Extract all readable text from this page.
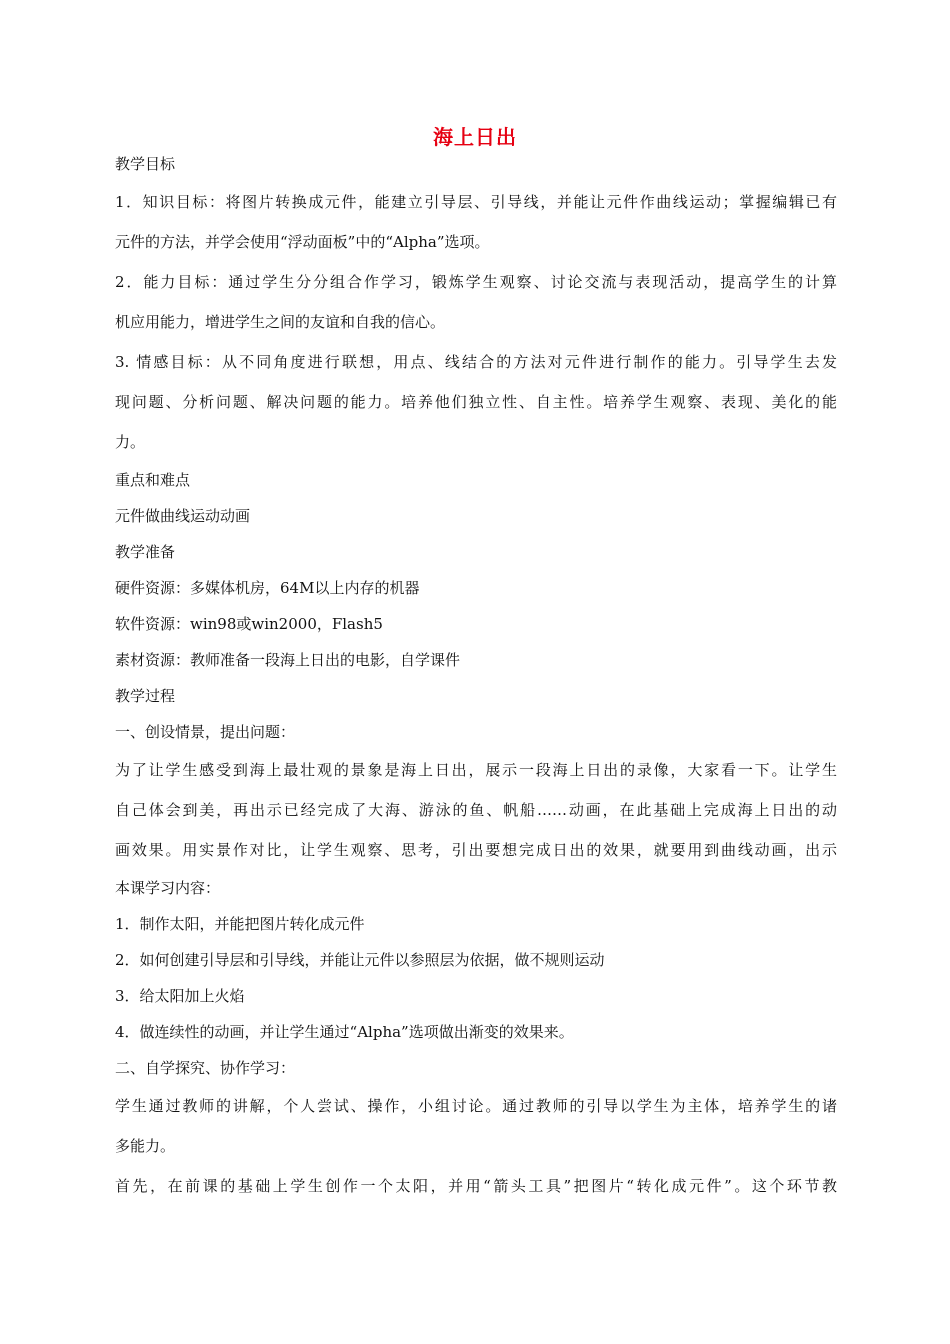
海上日出
教学目标
1．知识目标：将图片转换成元件，能建立引导层、引导线，并能让元件作曲线运动；掌握编辑已有
元件的方法，并学会使用“浮动面板”中的“Alpha”选项。
2．能力目标：通过学生分分组合作学习，锻炼学生观察、讨论交流与表现活动，提高学生的计算
机应用能力，增进学生之间的友谊和自我的信心。
3. 情感目标：从不同角度进行联想，用点、线结合的方法对元件进行制作的能力。引导学生去发
现问题、分析问题、解决问题的能力。培养他们独立性、自主性。培养学生观察、表现、美化的能
力。
重点和难点
元件做曲线运动动画
教学准备
硬件资源：多媒体机房，64M以上内存的机器
软件资源：win98或win2000，Flash5
素材资源：教师准备一段海上日出的电影，自学课件
教学过程
一、创设情景，提出问题：
为了让学生感受到海上最壮观的景象是海上日出，展示一段海上日出的录像，大家看一下。让学生
自己体会到美，再出示已经完成了大海、游泳的鱼、帆船……动画，在此基础上完成海上日出的动
画效果。用实景作对比，让学生观察、思考，引出要想完成日出的效果，就要用到曲线动画，出示
本课学习内容：
1．制作太阳，并能把图片转化成元件
2．如何创建引导层和引导线，并能让元件以参照层为依据，做不规则运动
3．给太阳加上火焰
4．做连续性的动画，并让学生通过“Alpha”选项做出渐变的效果来。
二、自学探究、协作学习：
学生通过教师的讲解，个人尝试、操作，小组讨论。通过教师的引导以学生为主体，培养学生的诸
多能力。
首先，在前课的基础上学生创作一个太阳，并用“箭头工具”把图片“转化成元件”。这个环节教
